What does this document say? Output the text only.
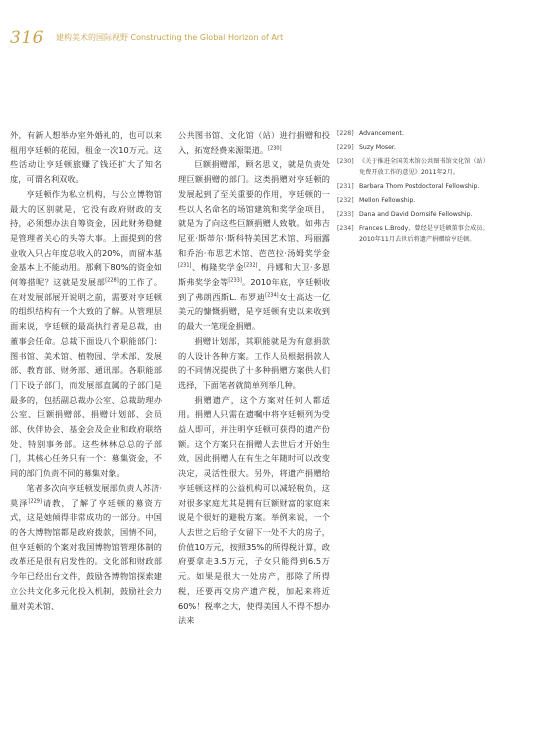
316 建构美术的国际视野 Constructing the Global Horizon of Art

外，有新人想举办室外婚礼的，也可以来租用亨廷顿的花园，租金一次10万元。这些活动让亨廷顿旅赚了钱还扩大了知名度，可谓名利双收。

亨廷顿作为私立机构，与公立博物馆最大的区别就是，它没有政府财政的支持，必须想办法自筹资金，因此财务稳健是管理者关心的头等大事。上面提到的营业收入只占年度总收入的20%，而留本基金基本上不能动用。那剩下80%的资金如何筹措呢？这就是发展部[228]的工作了。在对发展部展开说明之前，需要对亨廷顿的组织结构有一个大致的了解。从管理层面来说，亨廷顿的最高执行者是总裁，由董事会任命。总裁下面设八个职能部门：图书馆、美术馆、植物园、学术部、发展部、教育部、财务部、通讯部。各职能部门下设子部门，而发展部直属的子部门是最多的，包括副总裁办公室、总裁助理办公室、巨额捐赠部、捐赠计划部、会员部、伙伴协会、基金会及企业和政府联络处、特别事务部。这些林林总总的子部门，其核心任务只有一个：募集资金，不同的部门负责不同的募集对象。

笔者多次向亨廷顿发展部负责人苏济·莫泽[229]请教，了解了亨廷顿的募资方式，这是她倾得非常成功的一部分。中国的各大博物馆都是政府拨款，国情不同，但亨廷顿的个案对我国博物馆管理体制的改革还是很有启发性的。文化部和财政部今年已经出台文件，鼓励各博物馆探索建立公共文化多元化投入机制，鼓励社会力量对美术馆、

公共图书馆、文化馆（站）进行捐赠和投入，拓宽经费来源渠道。[230]

巨额捐赠部，顾名思义，就是负责处理巨额捐赠的部门。这类捐赠对亨廷顿的发展起到了至关重要的作用，亨廷顿的一些以人名命名的场馆建筑和奖学金项目，就是为了向这些巨额捐赠人致敬。如弗吉尼亚·斯蒂尔·斯科特美国艺术馆、玛丽露和乔治·布思艺术馆、芭芭拉·汤姆奖学金[231]、梅隆奖学金[232]、丹娜和大卫·多恩斯弗奖学金等[233]。2010年底，亨廷顿收到了弗朗西斯L. 布罗迪[234]女士高达一亿美元的慷慨捐赠，是亨廷顿有史以来收到的最大一笔现金捐赠。

捐赠计划部，其职能就是为有意捐款的人设计各种方案。工作人员根据捐款人的不同情况提供了十多种捐赠方案供人们选择，下面笔者就简单列举几种。

捐赠遗产，这个方案对任何人都适用。捐赠人只需在遗嘱中将亨廷顿列为受益人即可，并注明亨廷顿可获得的遗产份额。这个方案只在捐赠人去世后才开始生效，因此捐赠人在有生之年随时可以改变决定，灵活性很大。另外，将遗产捐赠给亨廷顿这样的公益机构可以减轻税负，这对很多家庭尤其是拥有巨额财富的家庭来说是个很好的避税方案。举例来说，一个人去世之后给子女留下一处不大的房子，价值10万元，按照35%的所得税计算，政府要拿走3.5万元，子女只能得到6.5万元。如果是很大一处房产，那除了所得税，还要再交房产遗产税，加起来将近60%！税率之大，使得美国人不得不想办法来

[228] Advancement.
[229] Suzy Moser.
[230] 《关于推进全国美术馆公共图书馆文化馆（站）
免费开放工作的意见》2011年2月。
[231] Barbara Thom Postdoctoral Fellowship.
[232] Mellon Fellowship.
[233] Dana and David Dornsife Fellowship.
[234] Frances L.Brody，曾经是亨廷顿董事会成员。
2010年11月去世后将遗产捐赠给亨廷顿。
